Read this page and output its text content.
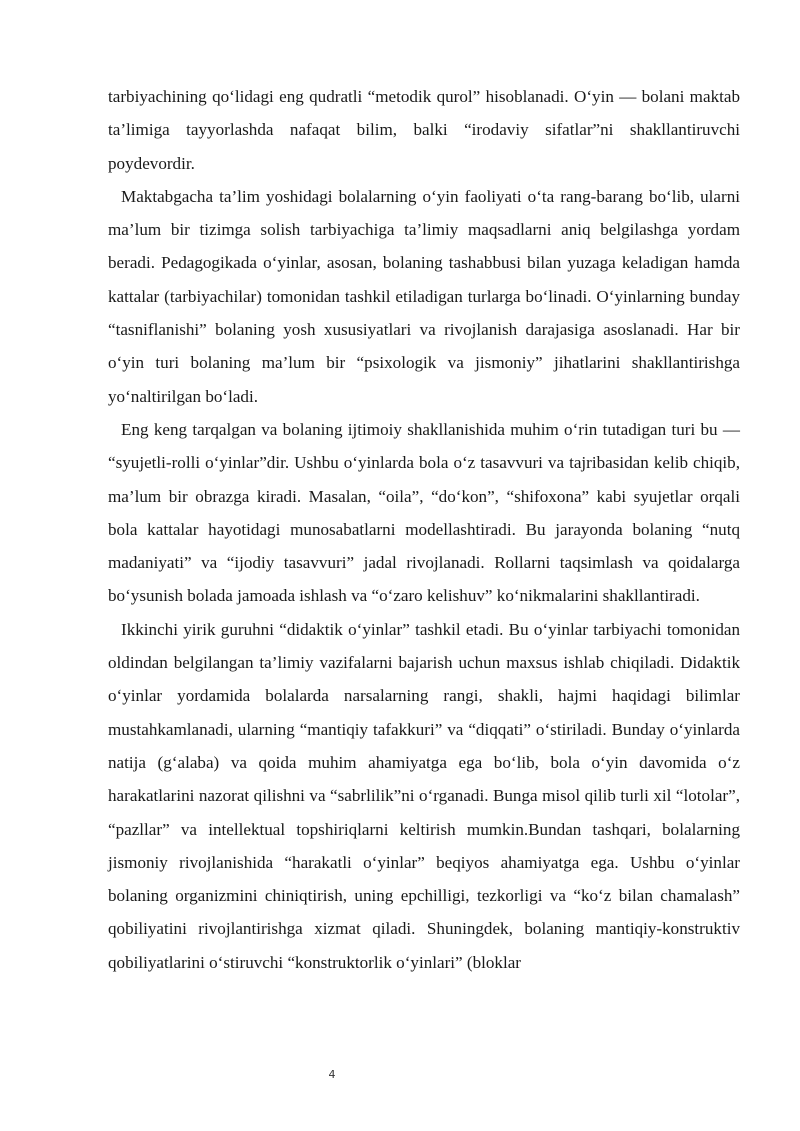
tarbiyachining qo‘lidagi eng qudratli “metodik qurol” hisoblanadi. O‘yin — bolani maktab ta’limiga tayyorlashda nafaqat bilim, balki “irodaviy sifatlar”ni shakllantiruvchi poydevordir.

Maktabgacha ta’lim yoshidagi bolalarning o‘yin faoliyati o‘ta rang-barang bo‘lib, ularni ma’lum bir tizimga solish tarbiyachiga ta’limiy maqsadlarni aniq belgilashga yordam beradi. Pedagogikada o‘yinlar, asosan, bolaning tashabbusi bilan yuzaga keladigan hamda kattalar (tarbiyachilar) tomonidan tashkil etiladigan turlarga bo‘linadi. O‘yinlarning bunday “tasniflanishi” bolaning yosh xususiyatlari va rivojlanish darajasiga asoslanadi. Har bir o‘yin turi bolaning ma’lum bir “psixologik va jismoniy” jihatlarini shakllantirishga yo‘naltirilgan bo‘ladi.

Eng keng tarqalgan va bolaning ijtimoiy shakllanishida muhim o‘rin tutadigan turi bu — “syujetli-rolli o‘yinlar”dir. Ushbu o‘yinlarda bola o‘z tasavvuri va tajribasidan kelib chiqib, ma’lum bir obrazga kiradi. Masalan, “oila”, “do‘kon”, “shifoxona” kabi syujetlar orqali bola kattalar hayotidagi munosabatlarni modellashtiradi. Bu jarayonda bolaning “nutq madaniyati” va “ijodiy tasavvuri” jadal rivojlanadi. Rollarni taqsimlash va qoidalarga bo‘ysunish bolada jamoada ishlash va “o‘zaro kelishuv” ko‘nikmalarini shakllantiradi.

Ikkinchi yirik guruhni “didaktik o‘yinlar” tashkil etadi. Bu o‘yinlar tarbiyachi tomonidan oldindan belgilangan ta’limiy vazifalarni bajarish uchun maxsus ishlab chiqiladi. Didaktik o‘yinlar yordamida bolalarda narsalarning rangi, shakli, hajmi haqidagi bilimlar mustahkamlanadi, ularning “mantiqiy tafakkuri” va “diqqati” o‘stiriladi. Bunday o‘yinlarda natija (g‘alaba) va qoida muhim ahamiyatga ega bo‘lib, bola o‘yin davomida o‘z harakatlarini nazorat qilishni va “sabrlilik”ni o‘rganadi. Bunga misol qilib turli xil “lotolar”, “pazllar” va intellektual topshiriqlarni keltirish mumkin.Bundan tashqari, bolalarning jismoniy rivojlanishida “harakatli o‘yinlar” beqiyos ahamiyatga ega. Ushbu o‘yinlar bolaning organizmini chiniqtirish, uning epchilligi, tezkorligi va “ko‘z bilan chamalash” qobiliyatini rivojlantirishga xizmat qiladi. Shuningdek, bolaning mantiqiy-konstruktiv qobiliyatlarini o‘stiruvchi “konstruktorlik o‘yinlari” (bloklar

4
